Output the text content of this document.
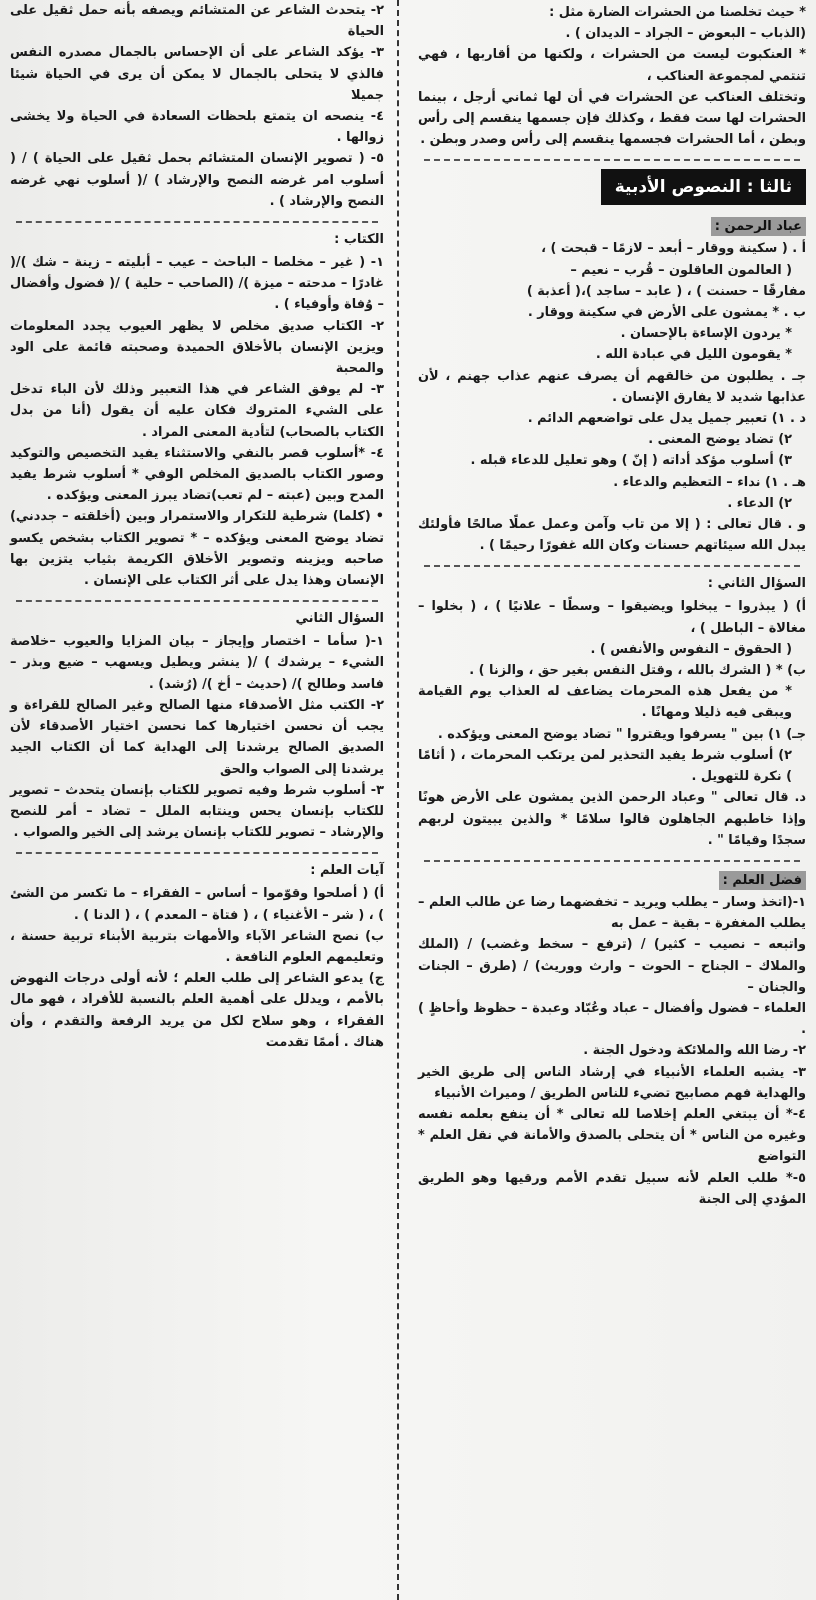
* حيث تخلصنا من الحشرات الضارة مثل :

(الذباب – البعوض – الجراد – الديدان ) .

* العنكبوت ليست من الحشرات ، ولكنها من أقاربها ، فهي تنتمي لمجموعة العناكب ،

وتختلف العناكب عن الحشرات في أن لها ثماني أرجل ، بينما الحشرات لها ست فقط ، وكذلك فإن جسمها ينقسم إلى رأس وبطن ، أما الحشرات فجسمها ينقسم إلى رأس وصدر وبطن .

ثالثا : النصوص الأدبية
عباد الرحمن :

أ . ( سكينة ووقار – أبعد – لازمًا – قبحت ) ،

( العالمون العاقلون – قُرب – نعيم –

مفارقًا – حسنت ) ، ( عابد – ساجد )،( أعذبة )

ب . * يمشون على الأرض في سكينة ووقار .

* يردون الإساءة بالإحسان .

* يقومون الليل في عبادة الله .

جـ . يطلبون من خالقهم أن يصرف عنهم عذاب جهنم ، لأن عذابها شديد لا يفارق الإنسان .

د . ١) تعبير جميل يدل على تواضعهم الدائم .

٢) تضاد يوضح المعنى .

٣) أسلوب مؤكد أداته ( إنّ ) وهو تعليل للدعاء قبله .

هـ . ١) نداء – التعظيم والدعاء .

٢) الدعاء .

و . قال تعالى : ( إلا من تاب وآمن وعمل عملًا صالحًا فأولئك يبدل الله سيئاتهم حسنات وكان الله غفورًا رحيمًا ) .

السؤال الثاني :

أ) ( يبذروا – يبخلوا ويضيقوا – وسطًا – علانيًا ) ، ( بخلوا – مغالاة – الباطل ) ،

( الحقوق – النفوس والأنفس ) .

ب) * ( الشرك بالله ، وقتل النفس بغير حق ، والزنا ) .

* من يفعل هذه المحرمات يضاعف له العذاب يوم القيامة ويبقى فيه ذليلا ومهانًا .

جـ) ١) بين " يسرفوا ويقتروا " تضاد يوضح المعنى ويؤكده .

٢) أسلوب شرط يفيد التحذير لمن يرتكب المحرمات ، ( أثامًا ) نكرة للتهويل .

د. قال تعالى " وعباد الرحمن الذين يمشون على الأرض هونًا وإذا خاطبهم الجاهلون قالوا سلامًا * والذين يبيتون لربهم سجدًا وقيامًا " .

فضل العلم :

١-(اتخذ وسار – يطلب ويريد – تخفضهما رضا عن طالب العلم – يطلب المغفرة – بقية – عمل به

واتبعه – نصيب – كثير) / (ترفع – سخط وغضب) / (الملك والملاك – الجناح – الحوت – وارث ووريث) / (طرق – الجنات والجنان –

العلماء – فضول وأفضال – عباد وعُبّاد وعبدة – حظوظ وأحاظٍ ) .

٢- رضا الله والملائكة ودخول الجنة .

٣- يشبه العلماء الأنبياء في إرشاد الناس إلى طريق الخير والهداية فهم مصابيح تضيء للناس الطريق / وميراث الأنبياء

٤-* أن يبتغي العلم إخلاصا لله تعالى * أن ينفع بعلمه نفسه وغيره من الناس * أن يتحلى بالصدق والأمانة في نقل العلم * التواضع

٥-* طلب العلم لأنه سبيل تقدم الأمم ورقيها وهو الطريق المؤدي إلى الجنة

٢- يتحدث الشاعر عن المتشائم ويصفه بأنه حمل ثقيل على الحياة

٣- يؤكد الشاعر على أن الإحساس بالجمال مصدره النفس فالذي لا يتحلى بالجمال لا يمكن أن يرى في الحياة شيئا جميلا

٤- ينصحه ان يتمتع بلحظات السعادة في الحياة ولا يخشى زوالها .

٥- ( تصوير الإنسان المتشائم بحمل ثقيل على الحياة ) / ( أسلوب امر غرضه النصح والإرشاد ) /( أسلوب نهي غرضه النصح والإرشاد ) .

الكتاب :

١- ( غير – مخلصا – الباحث – عيب – أبليته – زينة – شك )/( غادرًا – مدحته – ميزة )/ (الصاحب – حلية ) /( فضول وأفضال – وُفاة وأوفياء ) .

٢- الكتاب صديق مخلص لا يظهر العيوب يجدد المعلومات ويزين الإنسان بالأخلاق الحميدة وصحبته قائمة على الود والمحبة

٣- لم يوفق الشاعر في هذا التعبير وذلك لأن الباء تدخل على الشيء المتروك فكان عليه أن يقول (أنا من بدل الكتاب بالصحاب) لتأدية المعنى المراد .

٤- *أسلوب قصر بالنفي والاستثناء يفيد التخصيص والتوكيد وصور الكتاب بالصديق المخلص الوفي * أسلوب شرط يفيد المدح وبين (عبته – لم تعب)تضاد يبرز المعنى ويؤكده .

• (كلما) شرطية للتكرار والاستمرار وبين (أخلقته – جددني) تضاد يوضح المعنى ويؤكده – * تصوير الكتاب بشخص يكسو صاحبه ويزينه وتصوير الأخلاق الكريمة بثياب يتزين بها الإنسان وهذا يدل على أثر الكتاب على الإنسان .

السؤال الثاني

١-( سأما – اختصار وإيجاز – بيان المزايا والعيوب –خلاصة الشيء – يرشدك ) /( ينشر ويطيل ويسهب – ضيع وبذر – فاسد وطالح )/ (حديث – أخ )/ (رُشد) .

٢- الكتب مثل الأصدقاء منها الصالح وغير الصالح للقراءة و يجب أن نحسن اختيارها كما نحسن اختيار الأصدقاء لأن الصديق الصالح يرشدنا إلى الهداية كما أن الكتاب الجيد يرشدنا إلى الصواب والحق

٣- أسلوب شرط وفيه تصوير للكتاب بإنسان يتحدث – تصوير للكتاب بإنسان يحس وينتابه الملل – تضاد – أمر للنصح والإرشاد – تصوير للكتاب بإنسان يرشد إلى الخير والصواب .

آيات العلم :

أ) ( أصلحوا وقوّموا – أساس – الفقراء – ما تكسر من الشئ ) ، ( شر – الأغنياء ) ، ( فتاة – المعدم ) ، ( الدنا ) .

ب) نصح الشاعر الآباء والأمهات بتربية الأبناء تربية حسنة ، وتعليمهم العلوم النافعة .

ج) يدعو الشاعر إلى طلب العلم ؛ لأنه أولى درجات النهوض بالأمم ، ويدلل على أهمية العلم بالنسبة للأفراد ، فهو مال الفقراء ، وهو سلاح لكل من يريد الرفعة والتقدم ، وأن هناك . أممًا تقدمت
